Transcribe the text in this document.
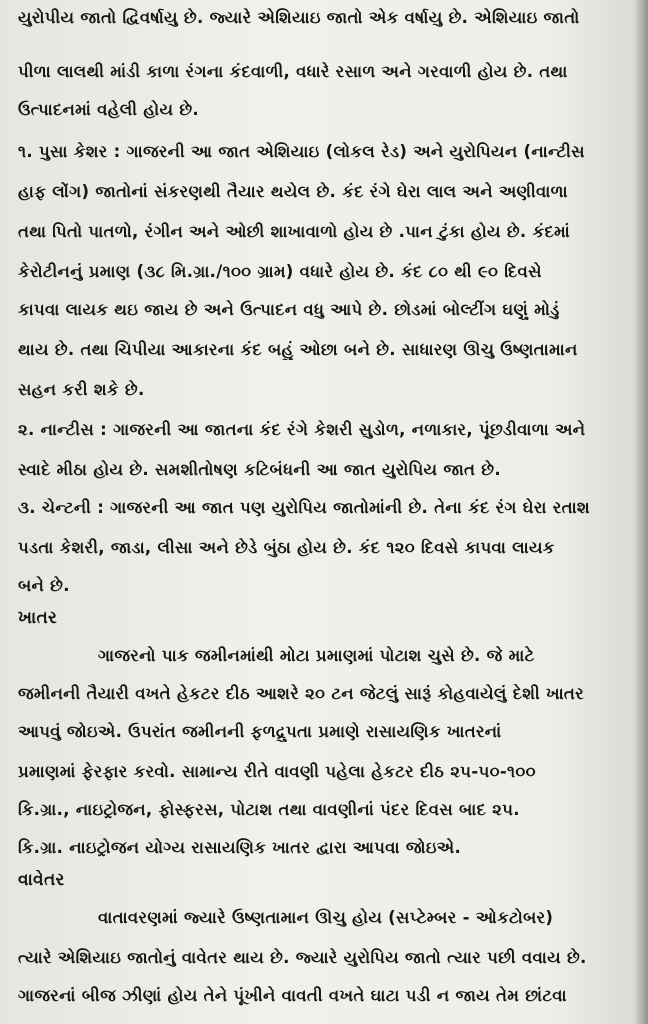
યુરોપીય જાતો દ્વિવર્ષાયુ છે. જ્યારે એશિયાઇ જાતો એક વર્ષાયુ છે. એશિયાઇ જાતો
પીળા લાલથી માંડી કાળા રંગના કંદવાળી, વધારે રસાળ અને ગરવાળી હોય છે. તથા
ઉત્પાદનમાં વહેલી હોય છે.
૧. પુસા કેશર : ગાજરની આ જાત એશિયાઇ (લોકલ રેડ) અને યુરોપિયન (નાન્ટીસ
હાફ લોંગ) જાતોનાં સંકરણથી તૈયાર થયેલ છે. કંદ રંગે ઘેરા લાલ અને અણીવાળા
તથા પિતો પાતળો, રંગીન અને ઓછી શાખાવાળો હોય છે .પાન ટુંકા હોય છે. કંદમાં
કેરોટીનનું પ્રમાણ (૩૮ મિ.ગ્રા./૧૦૦ ગ્રામ) વધારે હોય છે. કંદ ૮૦ થી ૯૦ દિવસે
કાપવા લાયક થઇ જાય છે અને ઉત્પાદન વધુ આપે છે. છોડમાં બોલ્ટીંગ ઘણું મોડું
થાય છે. તથા ચિપીયા આકારના કંદ બહું ઓછા બને છે. સાધારણ ઊંચુ ઉષ્ણતામાન
સહન કરી શકે છે.
૨. નાન્ટીસ : ગાજરની આ જાતના કંદ રંગે કેશરી સુડોળ, નળાકાર, પૂંછડીવાળા અને
સ્વાદે મીઠા હોય છે. સમશીતોષણ કટિબંધની આ જાત યુરોપિય જાત છે.
૩. ચેન્ટની : ગાજરની આ જાત પણ યુરોપિય જાતોમાંની છે. તેના કંદ રંગ ઘેરા રતાશ
પડતા કેશરી, જાડા, લીસા અને છેડે બુંઠા હોય છે. કંદ ૧૨૦ દિવસે કાપવા લાયક
બને છે.
ખાતર
ગાજરનો પાક જમીનમાંથી મોટા પ્રમાણમાં પોટાશ ચુસે છે. જે માટે
જમીનની તૈયારી વખતે હેકટર દીઠ આશરે ૨૦ ટન જેટલું સારૂં કોહવાયેલું દેશી ખાતર
આપવું જોઇએ. ઉપરાંત જમીનની ફળદ્રુપતા પ્રમાણે રાસાયણિક ખાતરનાં
પ્રમાણમાં ફેરફાર કરવો. સામાન્ય રીતે વાવણી પહેલા હેકટર દીઠ ૨૫-૫૦-૧૦૦
કિ.ગ્રા., નાઇટ્રોજન, ફોસ્ફરસ, પોટાશ તથા વાવણીનાં પંદર દિવસ બાદ ૨૫.
કિ.ગ્રા. નાઇટ્રોજન યોગ્ય રાસાયણિક ખાતર દ્વારા આપવા જોઇએ.
વાવેતર
વાતાવરણમાં જ્યારે ઉષ્ણતામાન ઊંચુ હોય (સપ્ટેમ્બર - ઓકટોબર)
ત્યારે એશિયાઇ જાતોનું વાવેતર થાય છે. જ્યારે યુરોપિય જાતો ત્યાર પછી વવાય છે.
ગાજરનાં બીજ ઝીણાં હોય તેને પૂંખીને વાવતી વખતે ઘાટા પડી ન જાય તેમ છાંટવા
